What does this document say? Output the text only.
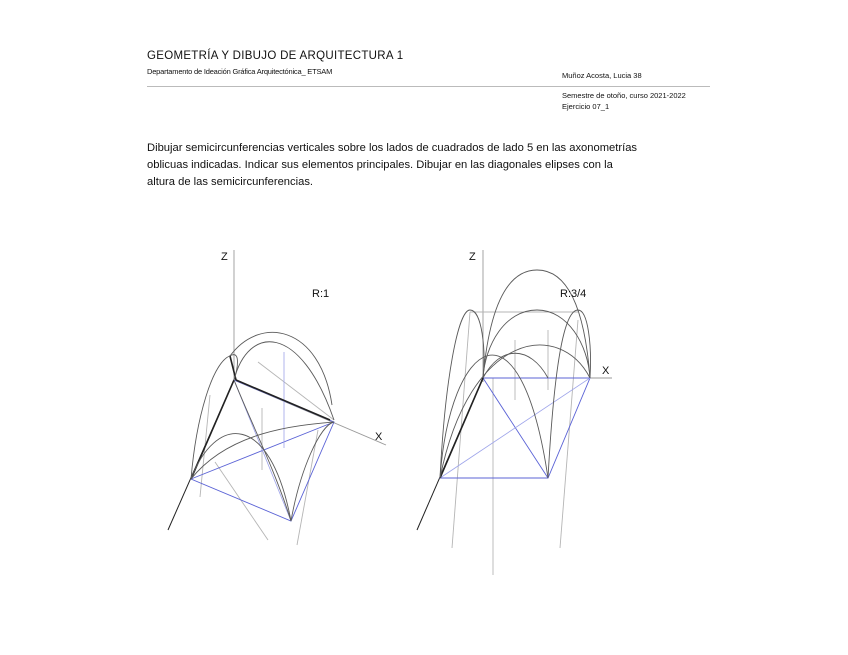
GEOMETRÍA Y DIBUJO DE ARQUITECTURA 1
Departamento de Ideación Gráfica Arquitectónica_ ETSAM	Muñoz Acosta, Lucia 38
Semestre de otoño, curso 2021-2022
Ejercicio 07_1
Dibujar semicircunferencias verticales sobre los lados de cuadrados de lado 5 en las axonometrías
oblicuas indicadas. Indicar sus elementos principales. Dibujar en las diagonales elipses con la
altura de las semicircunferencias.
Z
X
R:1
Z
X
R:3/4
